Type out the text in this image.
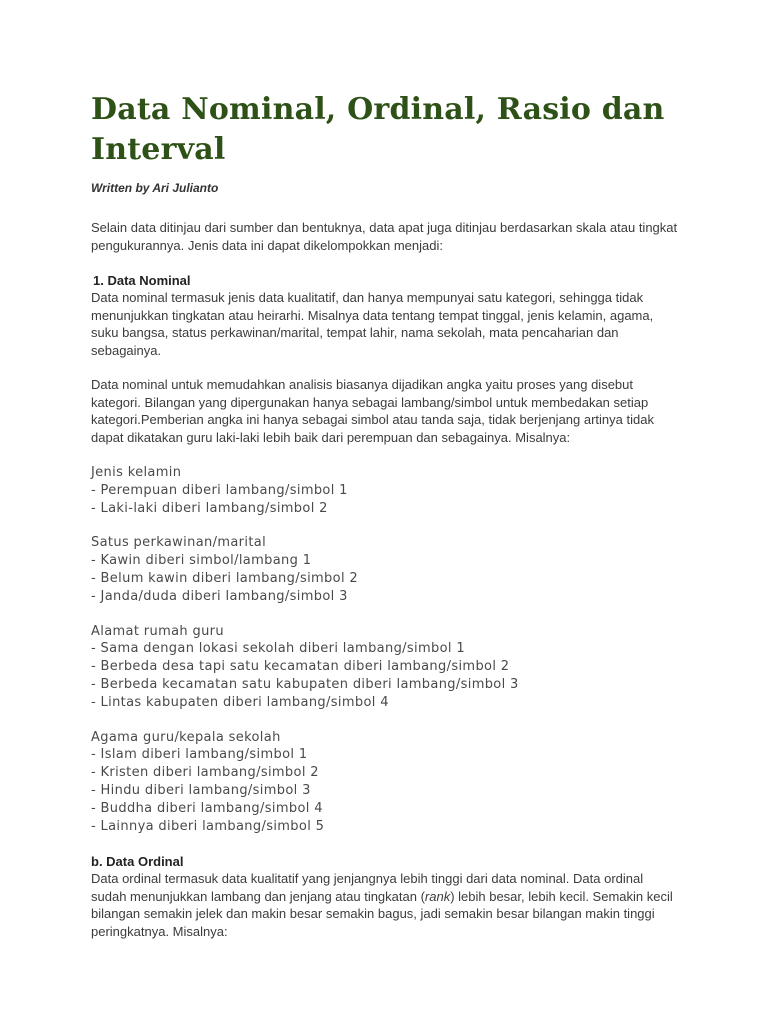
Data Nominal, Ordinal, Rasio dan Interval
Written by Ari Julianto

Selain data ditinjau dari sumber dan bentuknya, data apat juga ditinjau berdasarkan skala atau tingkat pengukurannya. Jenis data ini dapat dikelompokkan menjadi:

1. Data Nominal

Data nominal termasuk jenis data kualitatif, dan hanya mempunyai satu kategori, sehingga tidak menunjukkan tingkatan atau heirarhi. Misalnya data tentang tempat tinggal, jenis kelamin, agama, suku bangsa, status perkawinan/marital, tempat lahir, nama sekolah, mata pencaharian dan sebagainya.

Data nominal untuk memudahkan analisis biasanya dijadikan angka yaitu proses yang disebut kategori. Bilangan yang dipergunakan hanya sebagai lambang/simbol untuk membedakan setiap kategori.Pemberian angka ini hanya sebagai simbol atau tanda saja, tidak berjenjang artinya tidak dapat dikatakan guru laki-laki lebih baik dari perempuan dan sebagainya. Misalnya:

Jenis kelamin
- Perempuan diberi lambang/simbol 1
- Laki-laki diberi lambang/simbol 2
Satus perkawinan/marital
- Kawin diberi simbol/lambang 1
- Belum kawin diberi lambang/simbol 2
- Janda/duda diberi lambang/simbol 3
Alamat rumah guru
- Sama dengan lokasi sekolah diberi lambang/simbol 1
- Berbeda desa tapi satu kecamatan diberi lambang/simbol 2
- Berbeda kecamatan satu kabupaten diberi lambang/simbol 3
- Lintas kabupaten diberi lambang/simbol 4
Agama guru/kepala sekolah
- Islam diberi lambang/simbol 1
- Kristen diberi lambang/simbol 2
- Hindu diberi lambang/simbol 3
- Buddha diberi lambang/simbol 4
- Lainnya diberi lambang/simbol 5
b. Data Ordinal

Data ordinal termasuk data kualitatif yang jenjangnya lebih tinggi dari data nominal. Data ordinal sudah menunjukkan lambang dan jenjang atau tingkatan (rank) lebih besar, lebih kecil. Semakin kecil bilangan semakin jelek dan makin besar semakin bagus, jadi semakin besar bilangan makin tinggi peringkatnya. Misalnya:
